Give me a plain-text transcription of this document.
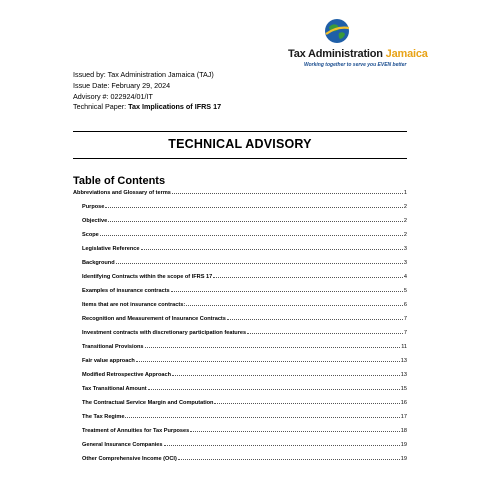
Tax Administration Jamaica
Working together to serve you EVEN better
Issued by: Tax Administration Jamaica (TAJ)
Issue Date: February 29, 2024
Advisory #: 022924/01/IT
Technical Paper: Tax Implications of IFRS 17
TECHNICAL ADVISORY
Table of Contents
Abbreviations and Glossary of terms	1
Purpose	2
Objective	2
Scope	2
Legislative Reference	3
Background	3
Identifying Contracts within the scope of IFRS 17	4
Examples of insurance contracts	5
Items that are not insurance contracts:	6
Recognition and Measurement of Insurance Contracts	7
Investment contracts with discretionary participation features	7
Transitional Provisions	11
Fair value approach	13
Modified Retrospective Approach	13
Tax Transitional Amount	15
The Contractual Service Margin and Computation	16
The Tax Regime	17
Treatment of Annuities for Tax Purposes	18
General Insurance Companies	19
Other Comprehensive Income (OCI)	19
